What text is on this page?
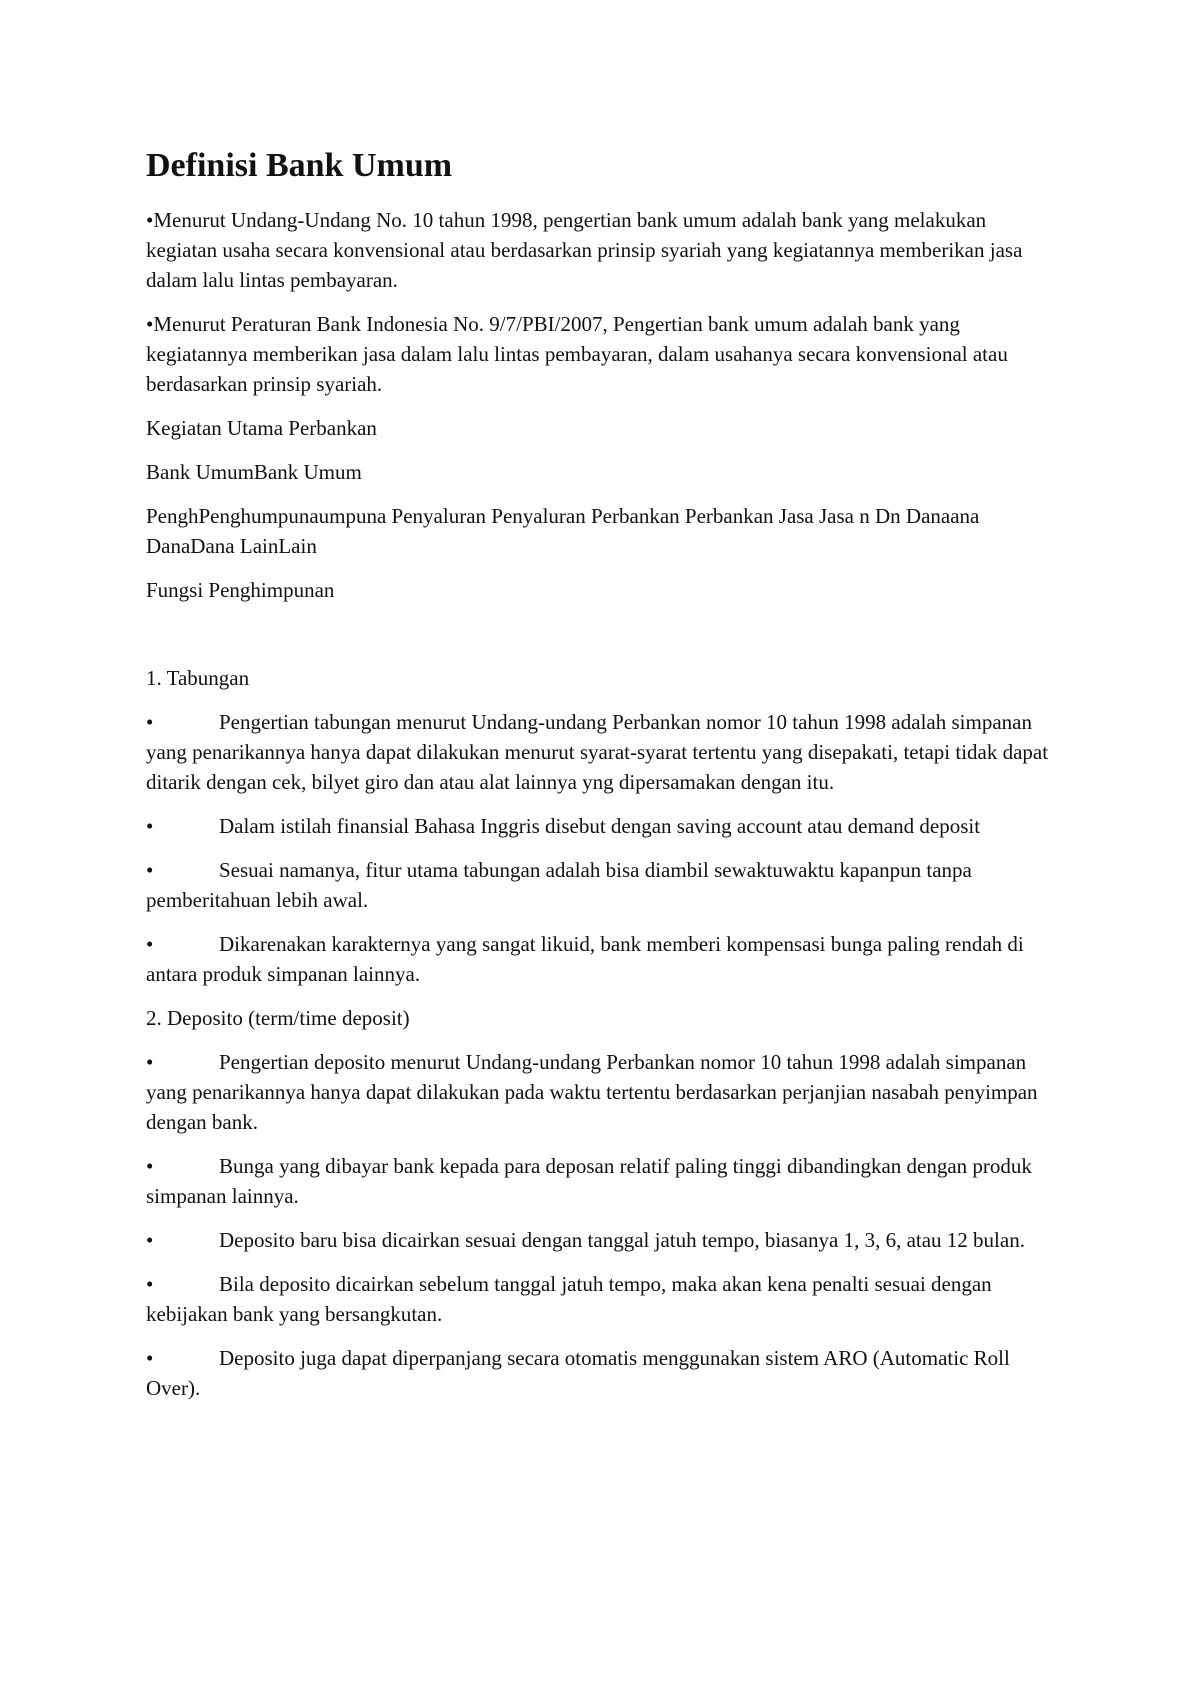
Definisi Bank Umum

•Menurut Undang-Undang No. 10 tahun 1998, pengertian bank umum adalah bank yang melakukan kegiatan usaha secara konvensional atau berdasarkan prinsip syariah yang kegiatannya memberikan jasa dalam lalu lintas pembayaran.

•Menurut Peraturan Bank Indonesia No. 9/7/PBI/2007, Pengertian bank umum adalah bank yang kegiatannya memberikan jasa dalam lalu lintas pembayaran, dalam usahanya secara konvensional atau berdasarkan prinsip syariah.

Kegiatan Utama Perbankan

Bank UmumBank Umum

PenghPenghumpunaumpuna Penyaluran Penyaluran Perbankan Perbankan Jasa Jasa n Dn Danaana DanaDana LainLain

Fungsi Penghimpunan

1. Tabungan

•	Pengertian tabungan menurut Undang-undang Perbankan nomor 10 tahun 1998 adalah simpanan yang penarikannya hanya dapat dilakukan menurut syarat-syarat tertentu yang disepakati, tetapi tidak dapat ditarik dengan cek, bilyet giro dan atau alat lainnya yng dipersamakan dengan itu.

•	Dalam istilah finansial Bahasa Inggris disebut dengan saving account atau demand deposit

•	Sesuai namanya, fitur utama tabungan adalah bisa diambil sewaktuwaktu kapanpun tanpa pemberitahuan lebih awal.

•	Dikarenakan karakternya yang sangat likuid, bank memberi kompensasi bunga paling rendah di antara produk simpanan lainnya.

2. Deposito (term/time deposit)

•	Pengertian deposito menurut Undang-undang Perbankan nomor 10 tahun 1998 adalah simpanan yang penarikannya hanya dapat dilakukan pada waktu tertentu berdasarkan perjanjian nasabah penyimpan dengan bank.

•	Bunga yang dibayar bank kepada para deposan relatif paling tinggi dibandingkan dengan produk simpanan lainnya.

•	Deposito baru bisa dicairkan sesuai dengan tanggal jatuh tempo, biasanya 1, 3, 6, atau 12 bulan.

•	Bila deposito dicairkan sebelum tanggal jatuh tempo, maka akan kena penalti sesuai dengan kebijakan bank yang bersangkutan.

•	Deposito juga dapat diperpanjang secara otomatis menggunakan sistem ARO (Automatic Roll Over).
